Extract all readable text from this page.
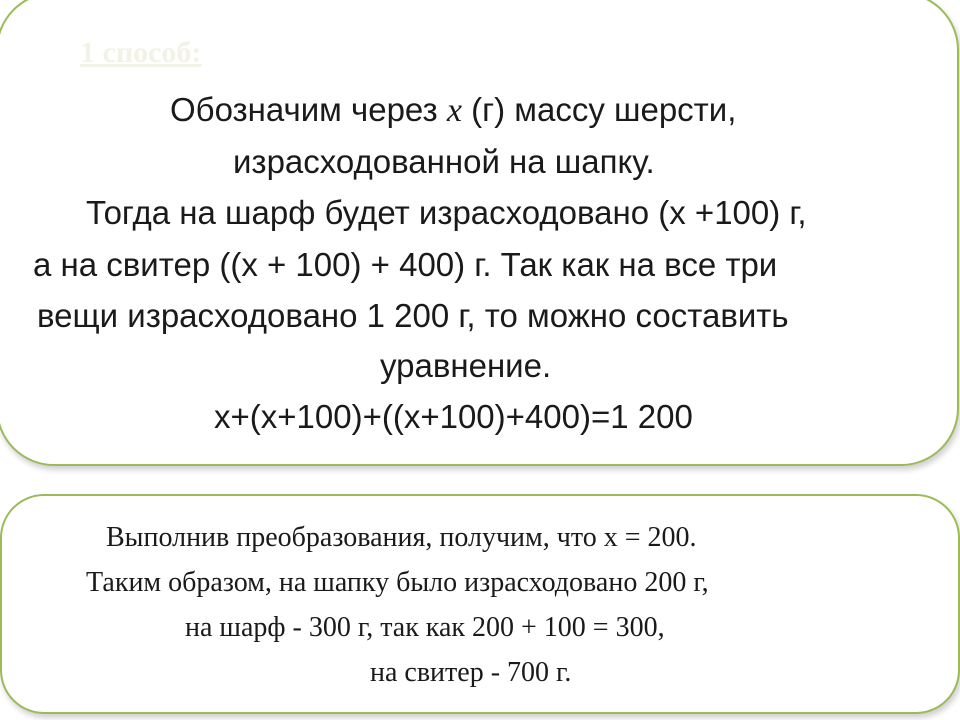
1 способ:
Обозначим через х (г) массу шерсти,
израсходованной на шапку.
Тогда на шарф будет израсходовано (х +100) г,
а на свитер ((х + 100) + 400) г. Так как на все три
вещи израсходовано 1 200 г, то можно составить
уравнение.
х+(х+100)+((х+100)+400)=1 200
Выполнив преобразования, получим, что х = 200.
Таким образом, на шапку было израсходовано 200 г,
на шарф - 300 г, так как 200 + 100 = 300,
на свитер - 700 г.
